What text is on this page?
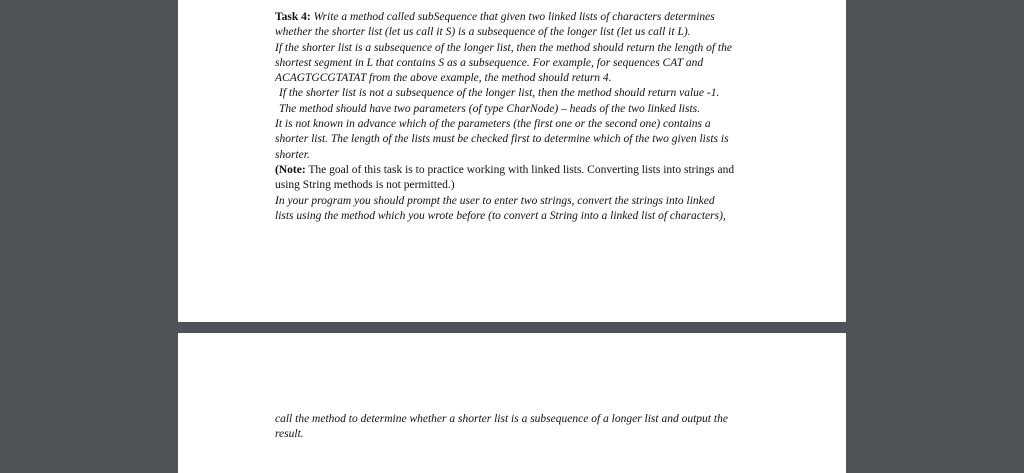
Task 4: Write a method called subSequence that given two linked lists of characters determines
whether the shorter list (let us call it S) is a subsequence of the longer list (let us call it L).
If the shorter list is a subsequence of the longer list, then the method should return the length of the
shortest segment in L that contains S as a subsequence. For example, for sequences CAT and
ACAGTGCGTATAT from the above example, the method should return 4.
If the shorter list is not a subsequence of the longer list, then the method should return value -1.
The method should have two parameters (of type CharNode) – heads of the two linked lists.
It is not known in advance which of the parameters (the first one or the second one) contains a
shorter list. The length of the lists must be checked first to determine which of the two given lists is
shorter.
(Note: The goal of this task is to practice working with linked lists. Converting lists into strings and
using String methods is not permitted.)
In your program you should prompt the user to enter two strings, convert the strings into linked
lists using the method which you wrote before (to convert a String into a linked list of characters),
call the method to determine whether a shorter list is a subsequence of a longer list and output the
result.
